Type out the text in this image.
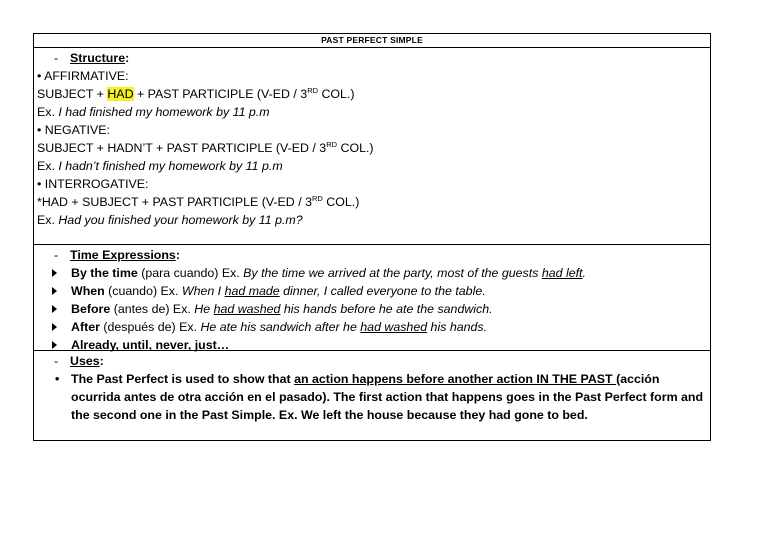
PAST PERFECT SIMPLE
- Structure:
• AFFIRMATIVE:
SUBJECT + HAD + PAST PARTICIPLE (V-ED / 3RD COL.)
Ex. I had finished my homework by 11 p.m
• NEGATIVE:
SUBJECT + HADN’T + PAST PARTICIPLE (V-ED / 3RD COL.)
Ex. I hadn’t finished my homework by 11 p.m
• INTERROGATIVE:
*HAD + SUBJECT + PAST PARTICIPLE (V-ED / 3RD COL.)
Ex. Had you finished your homework by 11 p.m?
- Time Expressions:
By the time (para cuando) Ex. By the time we arrived at the party, most of the guests had left.
When (cuando) Ex. When I had made dinner, I called everyone to the table.
Before (antes de) Ex. He had washed his hands before he ate the sandwich.
After (después de) Ex. He ate his sandwich after he had washed his hands.
Already, until, never, just…
- Uses:
• The Past Perfect is used to show that an action happens before another action IN THE PAST (acción ocurrida antes de otra acción en el pasado). The first action that happens goes in the Past Perfect form and the second one in the Past Simple. Ex. We left the house because they had gone to bed.
